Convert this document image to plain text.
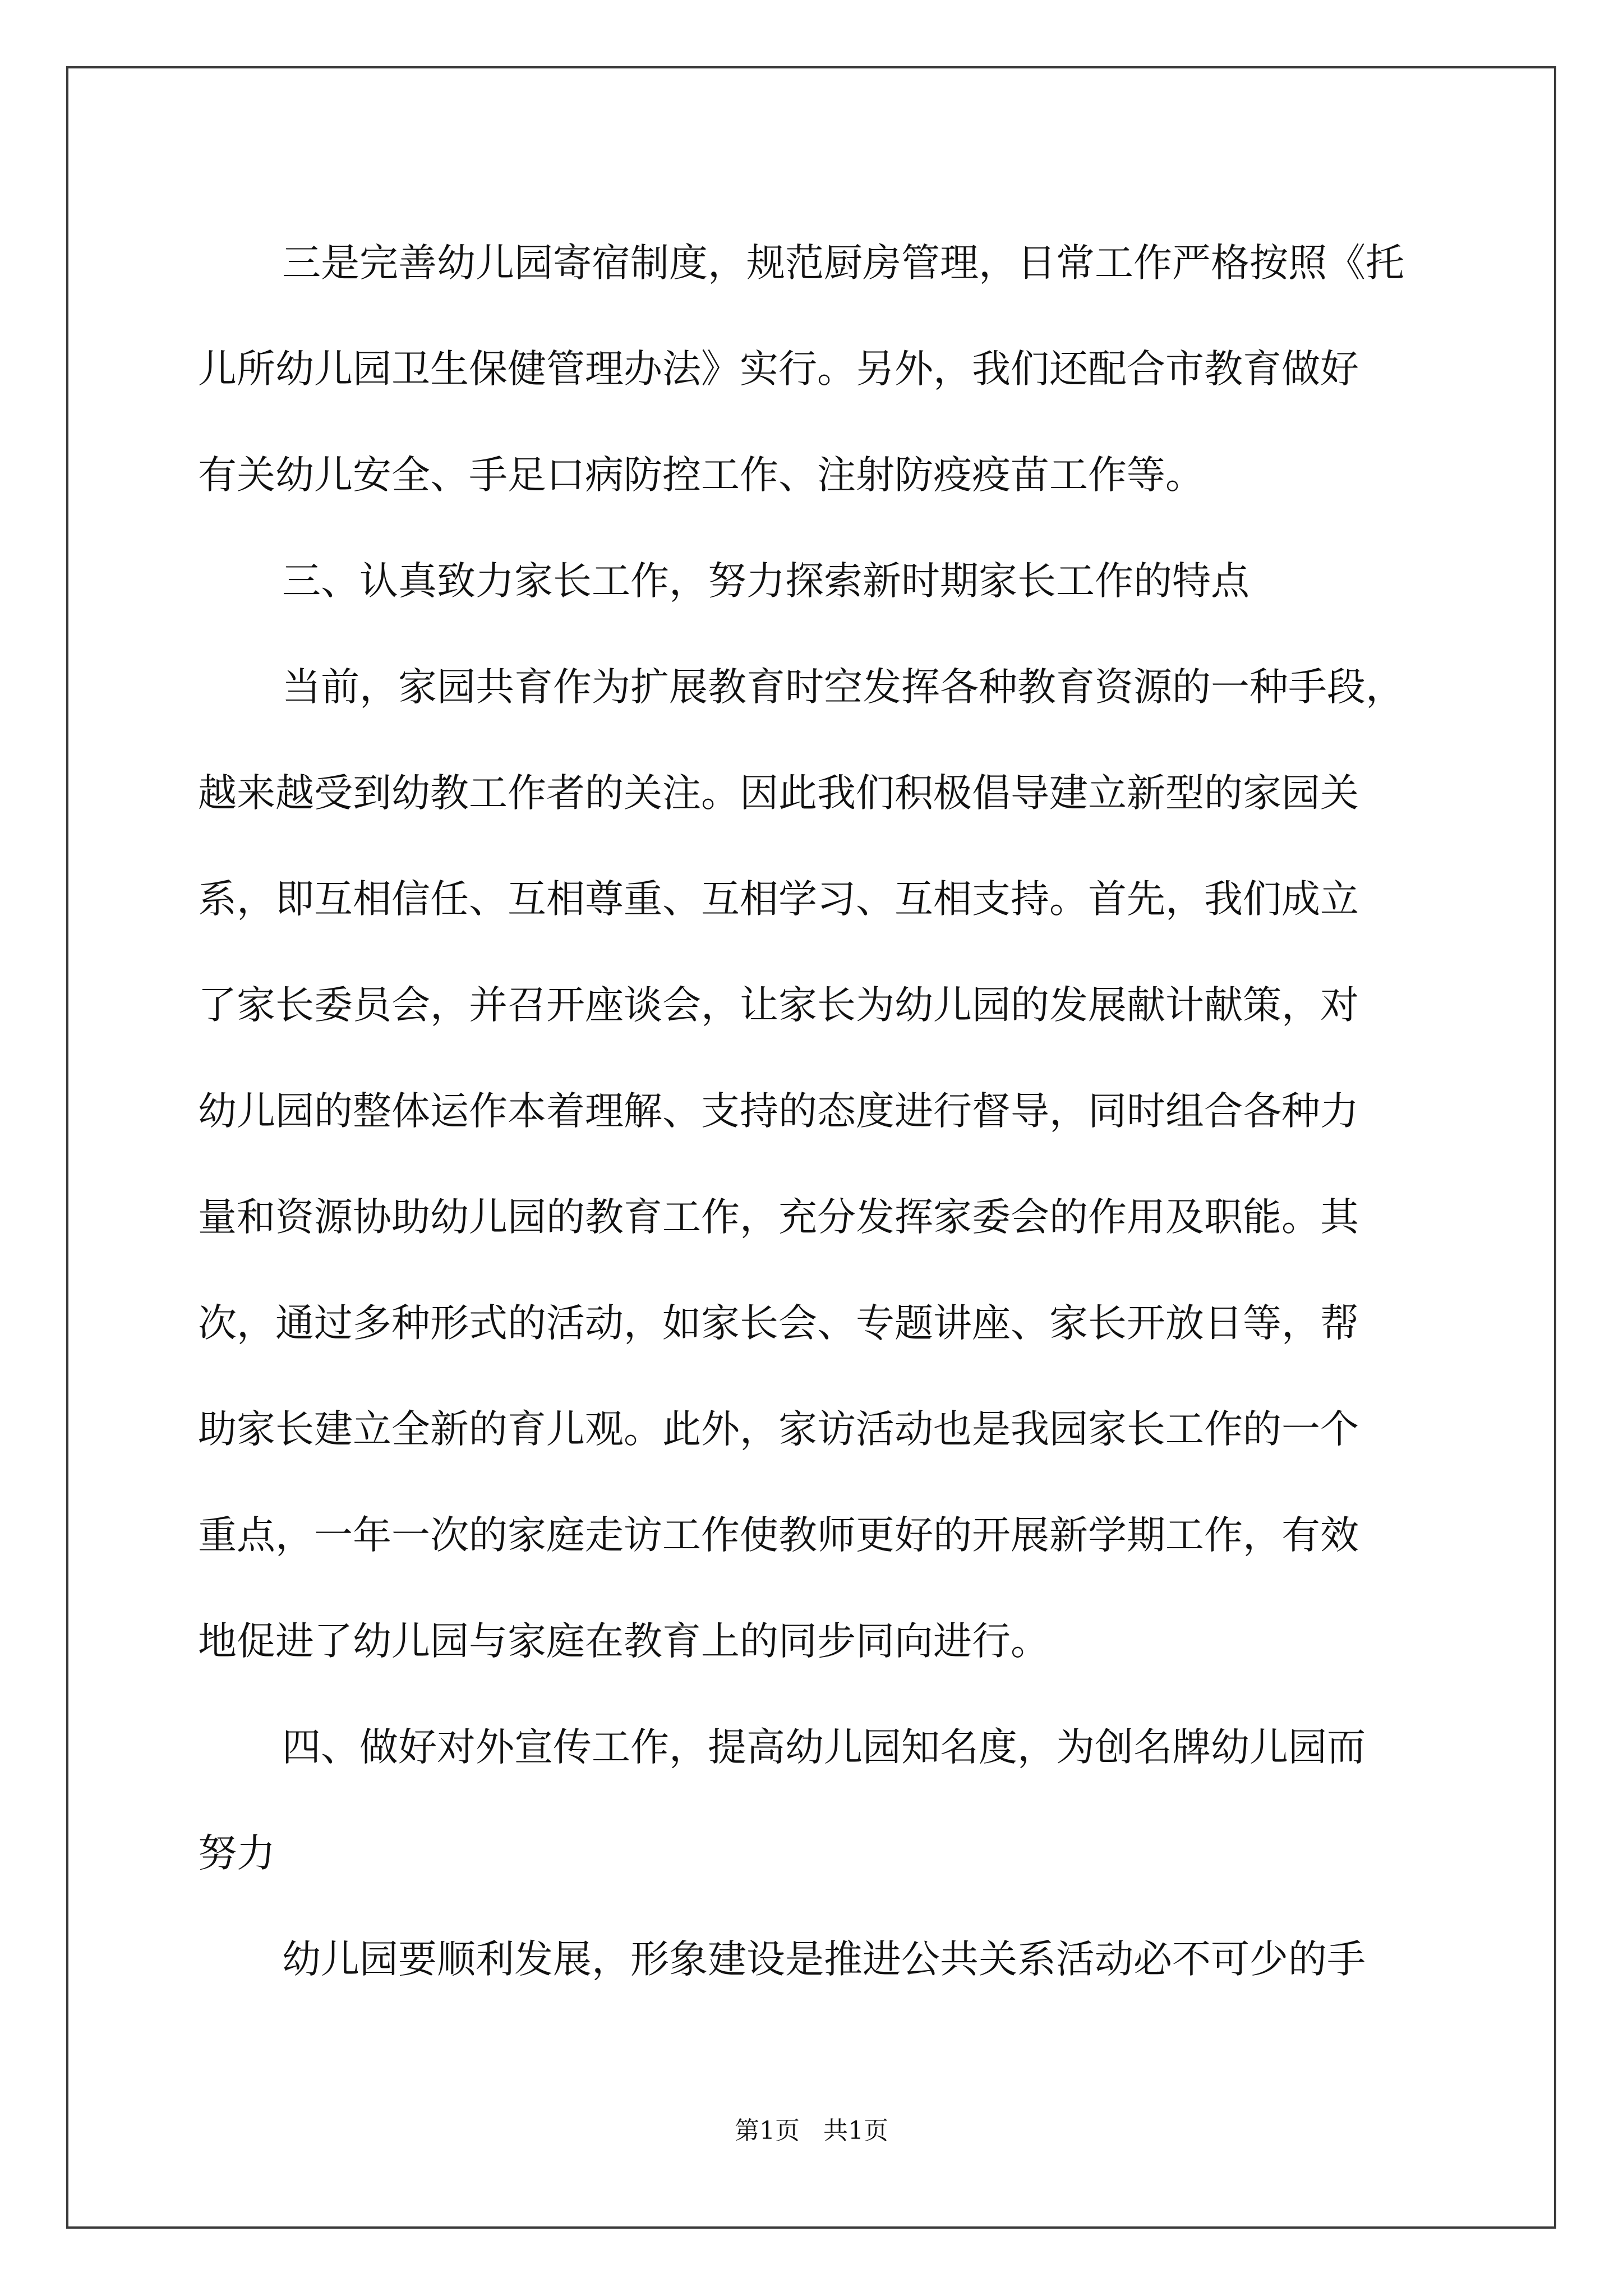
三是完善幼儿园寄宿制度，规范厨房管理，日常工作严格按照《托
儿所幼儿园卫生保健管理办法》实行。另外，我们还配合市教育做好
有关幼儿安全、手足口病防控工作、注射防疫疫苗工作等。
三、认真致力家长工作，努力探索新时期家长工作的特点
当前，家园共育作为扩展教育时空发挥各种教育资源的一种手段，
越来越受到幼教工作者的关注。因此我们积极倡导建立新型的家园关
系，即互相信任、互相尊重、互相学习、互相支持。首先，我们成立
了家长委员会，并召开座谈会，让家长为幼儿园的发展献计献策，对
幼儿园的整体运作本着理解、支持的态度进行督导，同时组合各种力
量和资源协助幼儿园的教育工作，充分发挥家委会的作用及职能。其
次，通过多种形式的活动，如家长会、专题讲座、家长开放日等，帮
助家长建立全新的育儿观。此外，家访活动也是我园家长工作的一个
重点，一年一次的家庭走访工作使教师更好的开展新学期工作，有效
地促进了幼儿园与家庭在教育上的同步同向进行。
四、做好对外宣传工作，提高幼儿园知名度，为创名牌幼儿园而
努力
幼儿园要顺利发展，形象建设是推进公共关系活动必不可少的手
第1页 共1页
